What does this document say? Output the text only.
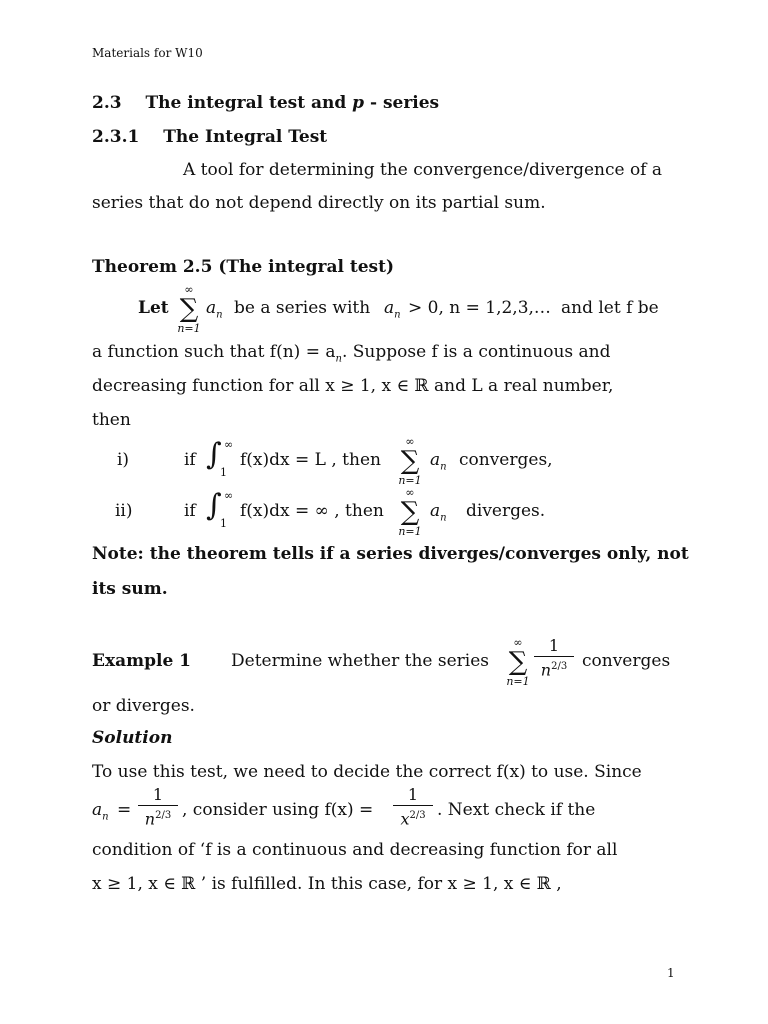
Materials for W10
2.3 The integral test and p - series
2.3.1 The Integral Test
A tool for determining the convergence/divergence of a
series that do not depend directly on its partial sum.
Theorem 2.5 (The integral test)
Let
∞
∑
n=1
$a_n$ be a series with $a_n > 0$, n = 1,2,3,… and let f be
a function such that $f(n) = a_n$. Suppose f is a continuous and
decreasing function for all x ≥ 1, x ∈ ℝ and L a real number,
then
i)	if ∫ ∞
1
f(x)dx = L , then
∞
∑
n=1
$a_n$ converges,
ii)	if ∫ ∞
1
f(x)dx = ∞ , then
∞
∑
n=1
$a_n$ diverges.
Note: the theorem tells if a series diverges/converges only, not
its sum.
Example 1 Determine whether the series
∞
∑
n=1
1
$n^{2/3}$ converges
or diverges.
Solution
To use this test, we need to decide the correct f(x) to use. Since
$a_n$ =
1
$n^{2/3}$ , consider using f(x) =
1
$x^{2/3}$ . Next check if the
condition of ‘f is a continuous and decreasing function for all
x ≥ 1, x ∈ ℝ ’ is fulfilled. In this case, for x ≥ 1, x ∈ ℝ ,
1
